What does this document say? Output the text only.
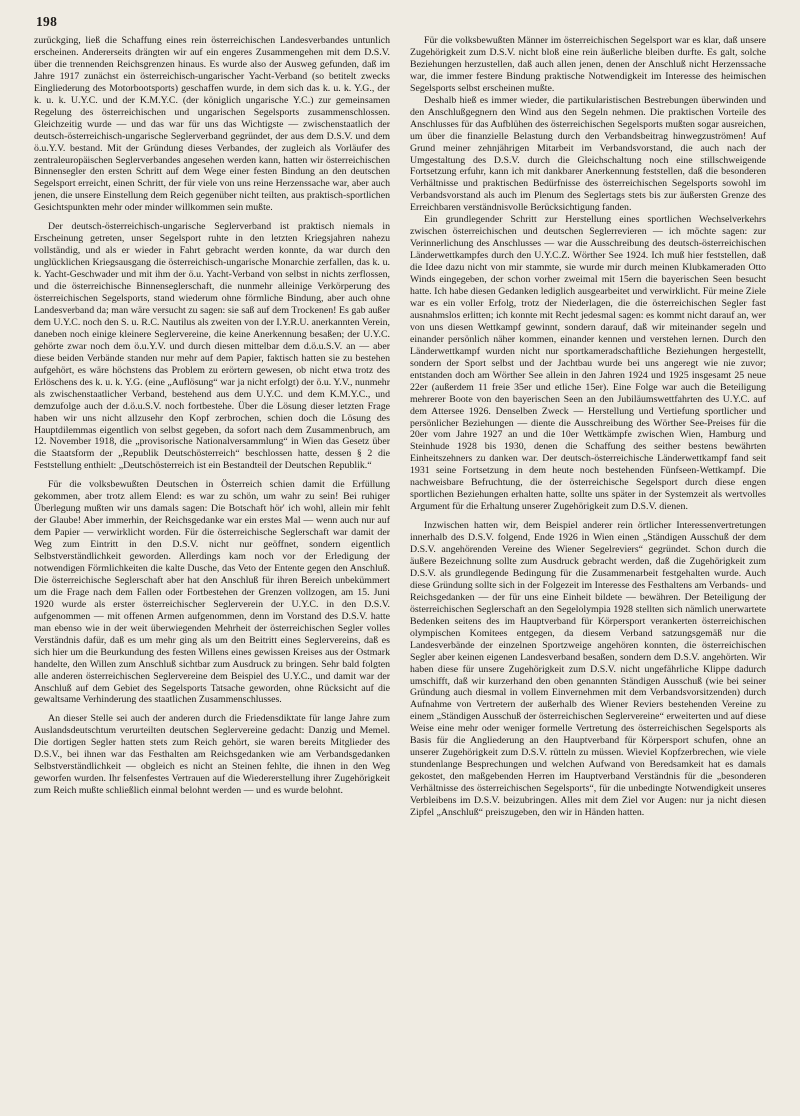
198

zurückging, ließ die Schaffung eines rein österreichischen Landesverbandes untunlich erscheinen. Andererseits drängten wir auf ein engeres Zusammengehen mit dem D.S.V. über die trennenden Reichsgrenzen hinaus. Es wurde also der Ausweg gefunden, daß im Jahre 1917 zunächst ein österreichisch-ungarischer Yacht-Verband (so betitelt zwecks Eingliederung des Motorbootsports) geschaffen wurde, in dem sich das k. u. k. Y.G., der k. u. k. U.Y.C. und der K.M.Y.C. (der königlich ungarische Y.C.) zur gemeinsamen Regelung des österreichischen und ungarischen Segelsports zusammenschlossen. Gleichzeitig wurde — und das war für uns das Wichtigste — zwischenstaatlich der deutsch-österreichisch-ungarische Seglerverband gegründet, der aus dem D.S.V. und dem ö.u.Y.V. bestand. Mit der Gründung dieses Verbandes, der zugleich als Vorläufer des zentraleuropäischen Seglerverbandes angesehen werden kann, hatten wir österreichischen Binnensegler den ersten Schritt auf dem Wege einer festen Bindung an den deutschen Segelsport erreicht, einen Schritt, der für viele von uns reine Herzenssache war, aber auch jenen, die unsere Einstellung dem Reich gegenüber nicht teilten, aus praktisch-sportlichen Gesichtspunkten mehr oder minder willkommen sein mußte.

Der deutsch-österreichisch-ungarische Seglerverband ist praktisch niemals in Erscheinung getreten, unser Segelsport ruhte in den letzten Kriegsjahren nahezu vollständig, und als er wieder in Fahrt gebracht werden konnte, da war durch den unglücklichen Kriegsausgang die österreichisch-ungarische Monarchie zerfallen, das k. u. k. Yacht-Geschwader und mit ihm der ö.u. Yacht-Verband von selbst in nichts zerflossen, und die österreichische Binnenseglerschaft, die nunmehr alleinige Verkörperung des österreichischen Segelsports, stand wiederum ohne förmliche Bindung, aber auch ohne Landesverband da; man wäre versucht zu sagen: sie saß auf dem Trockenen! Es gab außer dem U.Y.C. noch den S. u. R.C. Nautilus als zweiten von der I.Y.R.U. anerkannten Verein, daneben noch einige kleinere Seglervereine, die keine Anerkennung besaßen; der U.Y.C. gehörte zwar noch dem ö.u.Y.V. und durch diesen mittelbar dem d.ö.u.S.V. an — aber diese beiden Verbände standen nur mehr auf dem Papier, faktisch hatten sie zu bestehen aufgehört, es wäre höchstens das Problem zu erörtern gewesen, ob nicht etwa trotz des Erlöschens des k. u. k. Y.G. (eine „Auflösung“ war ja nicht erfolgt) der ö.u. Y.V., nunmehr als zwischenstaatlicher Verband, bestehend aus dem U.Y.C. und dem K.M.Y.C., und demzufolge auch der d.ö.u.S.V. noch fortbestehe. Über die Lösung dieser letzten Frage haben wir uns nicht allzusehr den Kopf zerbrochen, schien doch die Lösung des Hauptdilemmas eigentlich von selbst gegeben, da sofort nach dem Zusammenbruch, am 12. November 1918, die „provisorische Nationalversammlung“ in Wien das Gesetz über die Staatsform der „Republik Deutschösterreich“ beschlossen hatte, dessen § 2 die Feststellung enthielt: „Deutschösterreich ist ein Bestandteil der Deutschen Republik.“

Für die volksbewußten Deutschen in Österreich schien damit die Erfüllung gekommen, aber trotz allem Elend: es war zu schön, um wahr zu sein! Bei ruhiger Überlegung mußten wir uns damals sagen: Die Botschaft hör' ich wohl, allein mir fehlt der Glaube! Aber immerhin, der Reichsgedanke war ein erstes Mal — wenn auch nur auf dem Papier — verwirklicht worden. Für die österreichische Seglerschaft war damit der Weg zum Eintritt in den D.S.V. nicht nur geöffnet, sondern eigentlich Selbstverständlichkeit geworden. Allerdings kam noch vor der Erledigung der notwendigen Förmlichkeiten die kalte Dusche, das Veto der Entente gegen den Anschluß. Die österreichische Seglerschaft aber hat den Anschluß für ihren Bereich unbekümmert um die Frage nach dem Fallen oder Fortbestehen der Grenzen vollzogen, am 15. Juni 1920 wurde als erster österreichischer Seglerverein der U.Y.C. in den D.S.V. aufgenommen — mit offenen Armen aufgenommen, denn im Vorstand des D.S.V. hatte man ebenso wie in der weit überwiegenden Mehrheit der österreichischen Segler volles Verständnis dafür, daß es um mehr ging als um den Beitritt eines Seglervereins, daß es sich hier um die Beurkundung des festen Willens eines gewissen Kreises aus der Ostmark handelte, den Willen zum Anschluß sichtbar zum Ausdruck zu bringen. Sehr bald folgten alle anderen österreichischen Seglervereine dem Beispiel des U.Y.C., und damit war der Anschluß auf dem Gebiet des Segelsports Tatsache geworden, ohne Rücksicht auf die gewaltsame Verhinderung des staatlichen Zusammenschlusses.

An dieser Stelle sei auch der anderen durch die Friedensdiktate für lange Jahre zum Auslandsdeutschtum verurteilten deutschen Seglervereine gedacht: Danzig und Memel. Die dortigen Segler hatten stets zum Reich gehört, sie waren bereits Mitglieder des D.S.V., bei ihnen war das Festhalten am Reichsgedanken wie am Verbandsgedanken Selbstverständlichkeit — obgleich es nicht an Steinen fehlte, die ihnen in den Weg geworfen wurden. Ihr felsenfestes Vertrauen auf die Wiedererstellung ihrer Zugehörigkeit zum Reich mußte schließlich einmal belohnt werden — und es wurde belohnt.

Für die volksbewußten Männer im österreichischen Segelsport war es klar, daß unsere Zugehörigkeit zum D.S.V. nicht bloß eine rein äußerliche bleiben durfte. Es galt, solche Beziehungen herzustellen, daß auch allen jenen, denen der Anschluß nicht Herzenssache war, die immer festere Bindung praktische Notwendigkeit im Interesse des heimischen Segelsports selbst erscheinen mußte.

Deshalb hieß es immer wieder, die partikularistischen Bestrebungen überwinden und den Anschlußgegnern den Wind aus den Segeln nehmen. Die praktischen Vorteile des Anschlusses für das Aufblühen des österreichischen Segelsports mußten sogar ausreichen, um über die finanzielle Belastung durch den Verbandsbeitrag hinwegzuströmen! Auf Grund meiner zehnjährigen Mitarbeit im Verbandsvorstand, die auch nach der Umgestaltung des D.S.V. durch die Gleichschaltung noch eine stillschweigende Fortsetzung erfuhr, kann ich mit dankbarer Anerkennung feststellen, daß die besonderen Verhältnisse und praktischen Bedürfnisse des österreichischen Segelsports sowohl im Verbandsvorstand als auch im Plenum des Seglertags stets bis zur äußersten Grenze des Erreichbaren verständnisvolle Berücksichtigung fanden.

Ein grundlegender Schritt zur Herstellung eines sportlichen Wechselverkehrs zwischen österreichischen und deutschen Seglerrevieren — ich möchte sagen: zur Verinnerlichung des Anschlusses — war die Ausschreibung des deutsch-österreichischen Länderwettkampfes durch den U.Y.C.Z. Wörther See 1924. Ich muß hier feststellen, daß die Idee dazu nicht von mir stammte, sie wurde mir durch meinen Klubkameraden Otto Winds eingegeben, der schon vorher zweimal mit 15ern die bayerischen Seen besucht hatte. Ich habe diesen Gedanken lediglich ausgearbeitet und verwirklicht. Für meine Ziele war es ein voller Erfolg, trotz der Niederlagen, die die österreichischen Segler fast ausnahmslos erlitten; ich konnte mit Recht jedesmal sagen: es kommt nicht darauf an, wer von uns diesen Wettkampf gewinnt, sondern darauf, daß wir miteinander segeln und einander persönlich näher kommen, einander kennen und verstehen lernen. Durch den Länderwettkampf wurden nicht nur sportkameradschaftliche Beziehungen hergestellt, sondern der Sport selbst und der Jachtbau wurde bei uns angeregt wie nie zuvor; entstanden doch am Wörther See allein in den Jahren 1924 und 1925 insgesamt 25 neue 22er (außerdem 11 freie 35er und etliche 15er). Eine Folge war auch die Beteiligung mehrerer Boote von den bayerischen Seen an den Jubiläumswettfahrten des U.Y.C. auf dem Attersee 1926. Denselben Zweck — Herstellung und Vertiefung sportlicher und persönlicher Beziehungen — diente die Ausschreibung des Wörther See-Preises für die 20er vom Jahre 1927 an und die 10er Wettkämpfe zwischen Wien, Hamburg und Steinhude 1928 bis 1930, denen die Schaffung des seither bestens bewährten Einheitszehners zu danken war. Der deutsch-österreichische Länderwettkampf fand seit 1931 seine Fortsetzung in dem heute noch bestehenden Fünfseen-Wettkampf. Die nachweisbare Befruchtung, die der österreichische Segelsport durch diese engen sportlichen Beziehungen erhalten hatte, sollte uns später in der Systemzeit als wertvolles Argument für die Erhaltung unserer Zugehörigkeit zum D.S.V. dienen.

Inzwischen hatten wir, dem Beispiel anderer rein örtlicher Interessenvertretungen innerhalb des D.S.V. folgend, Ende 1926 in Wien einen „Ständigen Ausschuß der dem D.S.V. angehörenden Vereine des Wiener Segelreviers“ gegründet. Schon durch die äußere Bezeichnung sollte zum Ausdruck gebracht werden, daß die Zugehörigkeit zum D.S.V. als grundlegende Bedingung für die Zusammenarbeit festgehalten wurde. Auch diese Gründung sollte sich in der Folgezeit im Interesse des Festhaltens am Verbands- und Reichsgedanken — der für uns eine Einheit bildete — bewähren. Der Beteiligung der österreichischen Seglerschaft an den Segelolympia 1928 stellten sich nämlich unerwartete Bedenken seitens des im Hauptverband für Körpersport verankerten österreichischen olympischen Komitees entgegen, da diesem Verband satzungsgemäß nur die Landesverbände der einzelnen Sportzweige angehören konnten, die österreichischen Segler aber keinen eigenen Landesverband besaßen, sondern dem D.S.V. angehörten. Wir haben diese für unsere Zugehörigkeit zum D.S.V. nicht ungefährliche Klippe dadurch umschifft, daß wir kurzerhand den oben genannten Ständigen Ausschuß (wie bei seiner Gründung auch diesmal in vollem Einvernehmen mit dem Verbandsvorsitzenden) durch Aufnahme von Vertretern der außerhalb des Wiener Reviers bestehenden Vereine zu einem „Ständigen Ausschuß der österreichischen Seglervereine“ erweiterten und auf diese Weise eine mehr oder weniger formelle Vertretung des österreichischen Segelsports als Basis für die Angliederung an den Hauptverband für Körpersport schufen, ohne an unserer Zugehörigkeit zum D.S.V. rütteln zu müssen. Wieviel Kopfzerbrechen, wie viele stundenlange Besprechungen und welchen Aufwand von Beredsamkeit hat es damals gekostet, den maßgebenden Herren im Hauptverband Verständnis für die „besonderen Verhältnisse des österreichischen Segelsports“, für die unbedingte Notwendigkeit unseres Verbleibens im D.S.V. beizubringen. Alles mit dem Ziel vor Augen: nur ja nicht diesen Zipfel „Anschluß“ preiszugeben, den wir in Händen hatten.
